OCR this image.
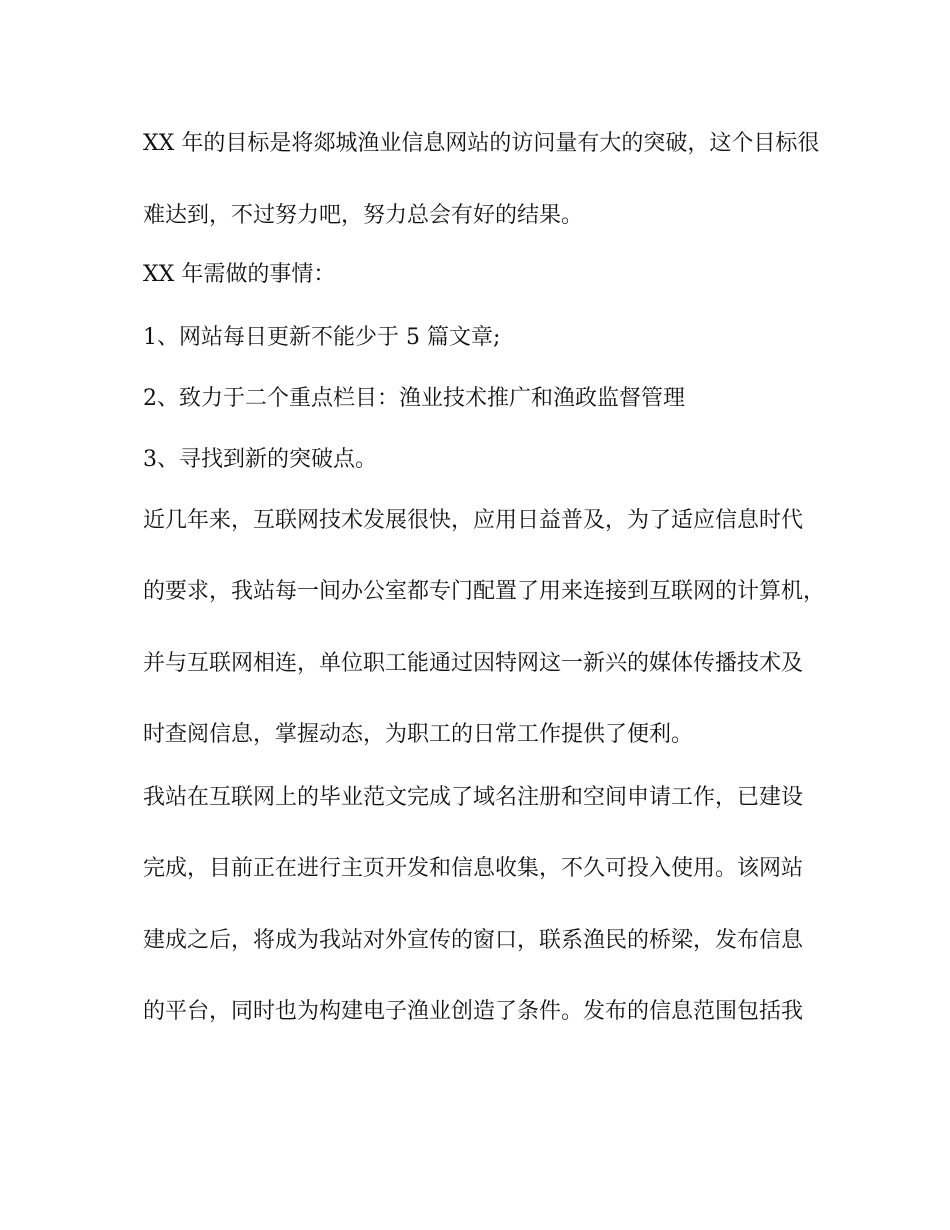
XX 年的目标是将郯城渔业信息网站的访问量有大的突破，这个目标很
难达到，不过努力吧，努力总会有好的结果。
XX 年需做的事情：
1、网站每日更新不能少于 5 篇文章;
2、致力于二个重点栏目：渔业技术推广和渔政监督管理
3、寻找到新的突破点。
近几年来，互联网技术发展很快，应用日益普及，为了适应信息时代
的要求，我站每一间办公室都专门配置了用来连接到互联网的计算机，
并与互联网相连，单位职工能通过因特网这一新兴的媒体传播技术及
时查阅信息，掌握动态，为职工的日常工作提供了便利。
我站在互联网上的毕业范文完成了域名注册和空间申请工作，已建设
完成，目前正在进行主页开发和信息收集，不久可投入使用。该网站
建成之后，将成为我站对外宣传的窗口，联系渔民的桥梁，发布信息
的平台，同时也为构建电子渔业创造了条件。发布的信息范围包括我
